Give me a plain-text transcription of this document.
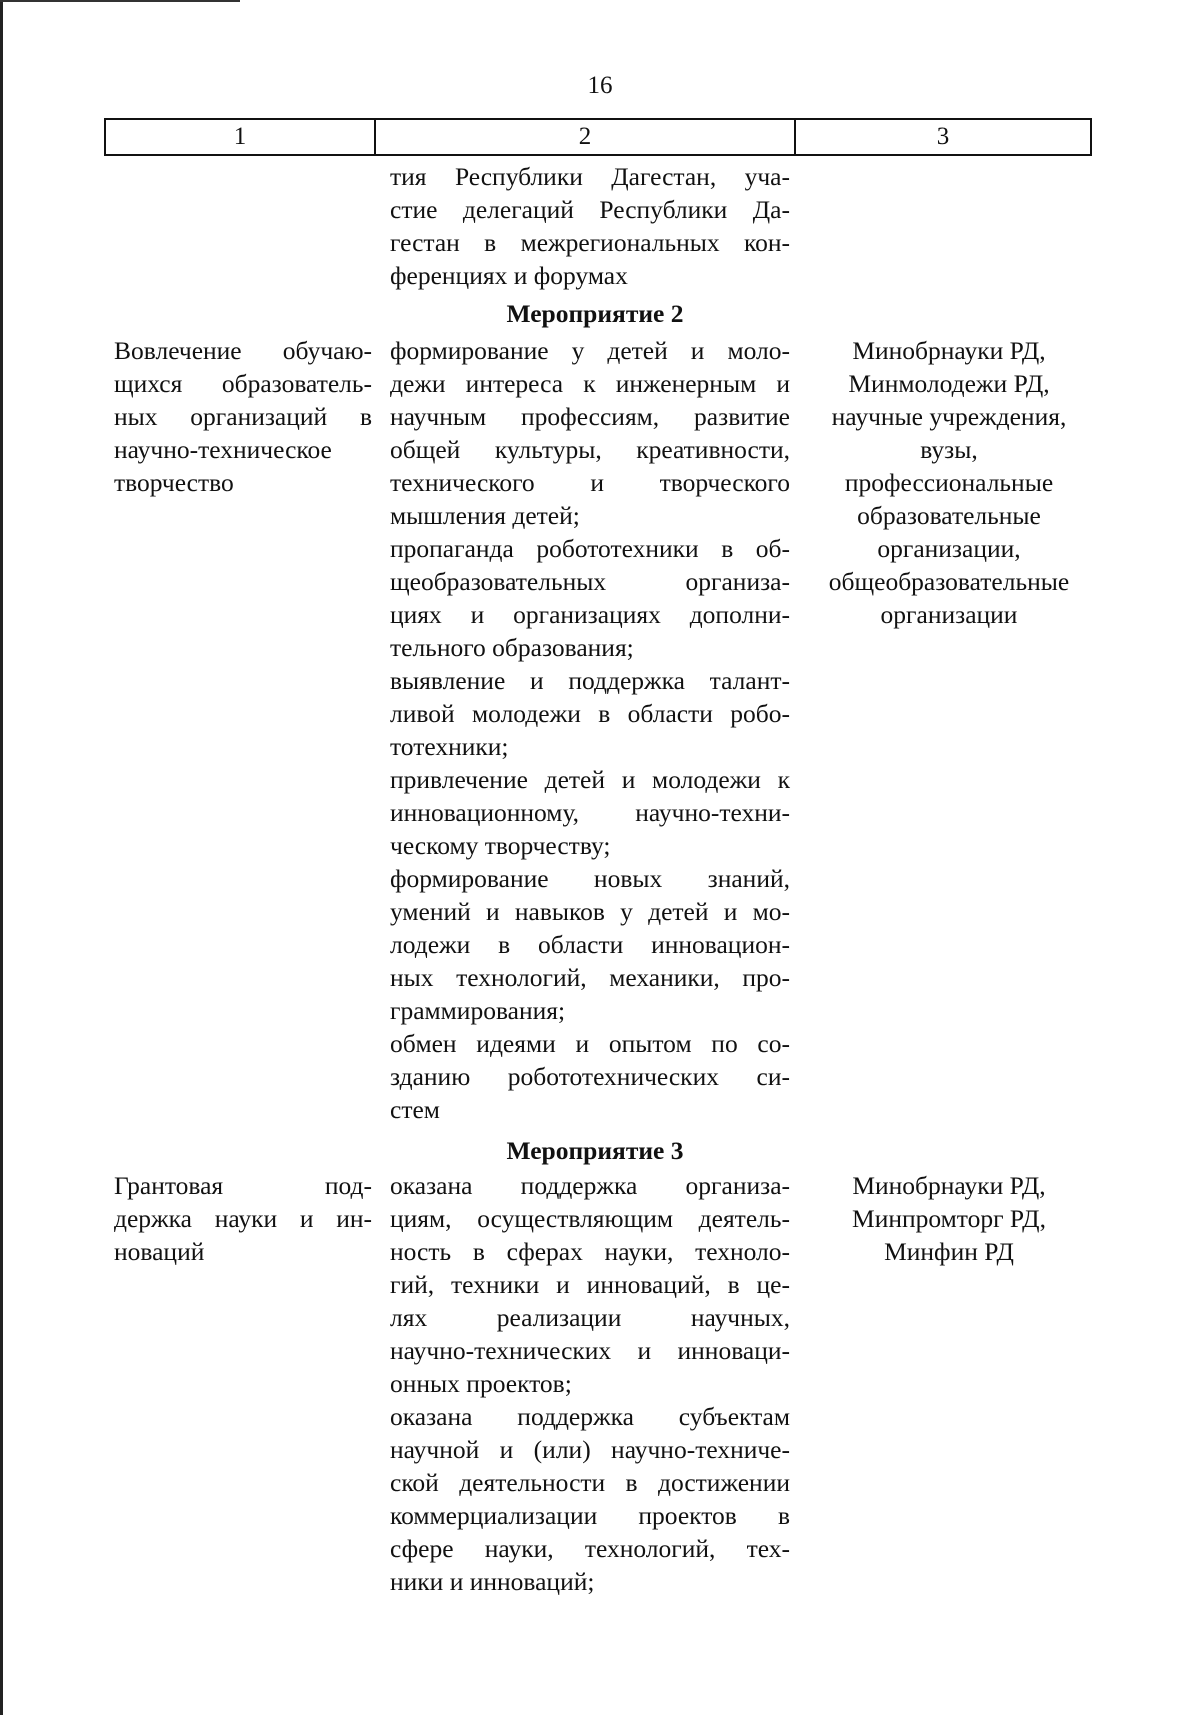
16
1	2	3
тия Республики Дагестан, уча-
стие делегаций Республики Да-
гестан в межрегиональных кон-
ференциях и форумах
Мероприятие 2
Вовлечение обучаю-
щихся образователь-
ных организаций в
научно-техническое
творчество
формирование у детей и моло-
дежи интереса к инженерным и
научным профессиям, развитие
общей культуры, креативности,
технического и творческого
мышления детей;
пропаганда робототехники в об-
щеобразовательных организа-
циях и организациях дополни-
тельного образования;
выявление и поддержка талант-
ливой молодежи в области робо-
тотехники;
привлечение детей и молодежи к
инновационному, научно-техни-
ческому творчеству;
формирование новых знаний,
умений и навыков у детей и мо-
лодежи в области инновацион-
ных технологий, механики, про-
граммирования;
обмен идеями и опытом по со-
зданию робототехнических си-
стем
Минобрнауки РД,
Минмолодежи РД,
научные учреждения,
вузы,
профессиональные
образовательные
организации,
общеобразовательные
организации
Мероприятие 3
Грантовая под-
держка науки и ин-
новаций
оказана поддержка организа-
циям, осуществляющим деятель-
ность в сферах науки, техноло-
гий, техники и инноваций, в це-
лях реализации научных,
научно-технических и инноваци-
онных проектов;
оказана поддержка субъектам
научной и (или) научно-техниче-
ской деятельности в достижении
коммерциализации проектов в
сфере науки, технологий, тех-
ники и инноваций;
Минобрнауки РД,
Минпромторг РД,
Минфин РД
